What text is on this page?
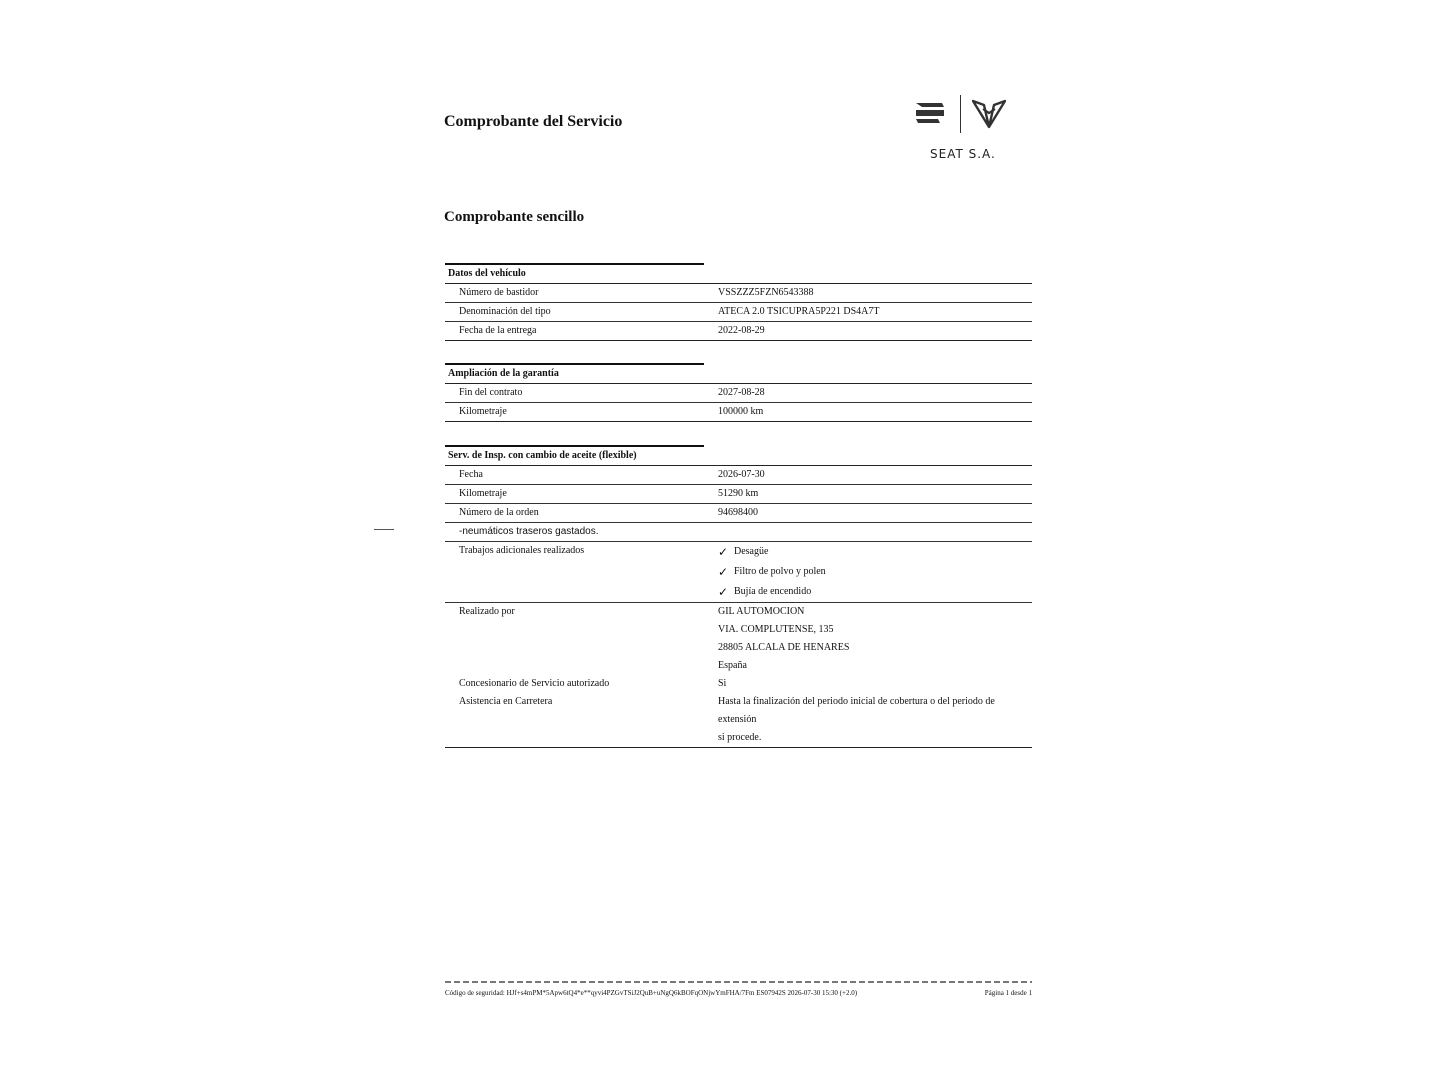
Comprobante del Servicio
Comprobante sencillo
SEAT S.A.
Datos del vehículo
Número de bastidor	VSSZZZ5FZN6543388
Denominación del tipo	ATECA 2.0 TSICUPRA5P221 DS4A7T
Fecha de la entrega	2022-08-29
Ampliación de la garantía
Fin del contrato	2027-08-28
Kilometraje	100000 km
Serv. de Insp. con cambio de aceite (flexible)
Fecha	2026-07-30
Kilometraje	51290 km
Número de la orden	94698400
-neumáticos traseros gastados.
Trabajos adicionales realizados	✓ Desagüe
✓ Filtro de polvo y polen
✓ Bujía de encendido
Realizado por	GIL AUTOMOCION
VIA. COMPLUTENSE, 135
28805 ALCALA DE HENARES
España
Concesionario de Servicio autorizado	Si
Asistencia en Carretera	Hasta la finalización del periodo inicial de cobertura o del periodo de extensión
si procede.
Código de seguridad: HJf+s4mPM*5Apw6tQ4*e**qyvi4PZGvTSiJ2QuB+uNgQ6kBOFqONjwYmFHA/7Fm ES07942S 2026-07-30 15:30 (+2.0)	Página 1 desde 1
